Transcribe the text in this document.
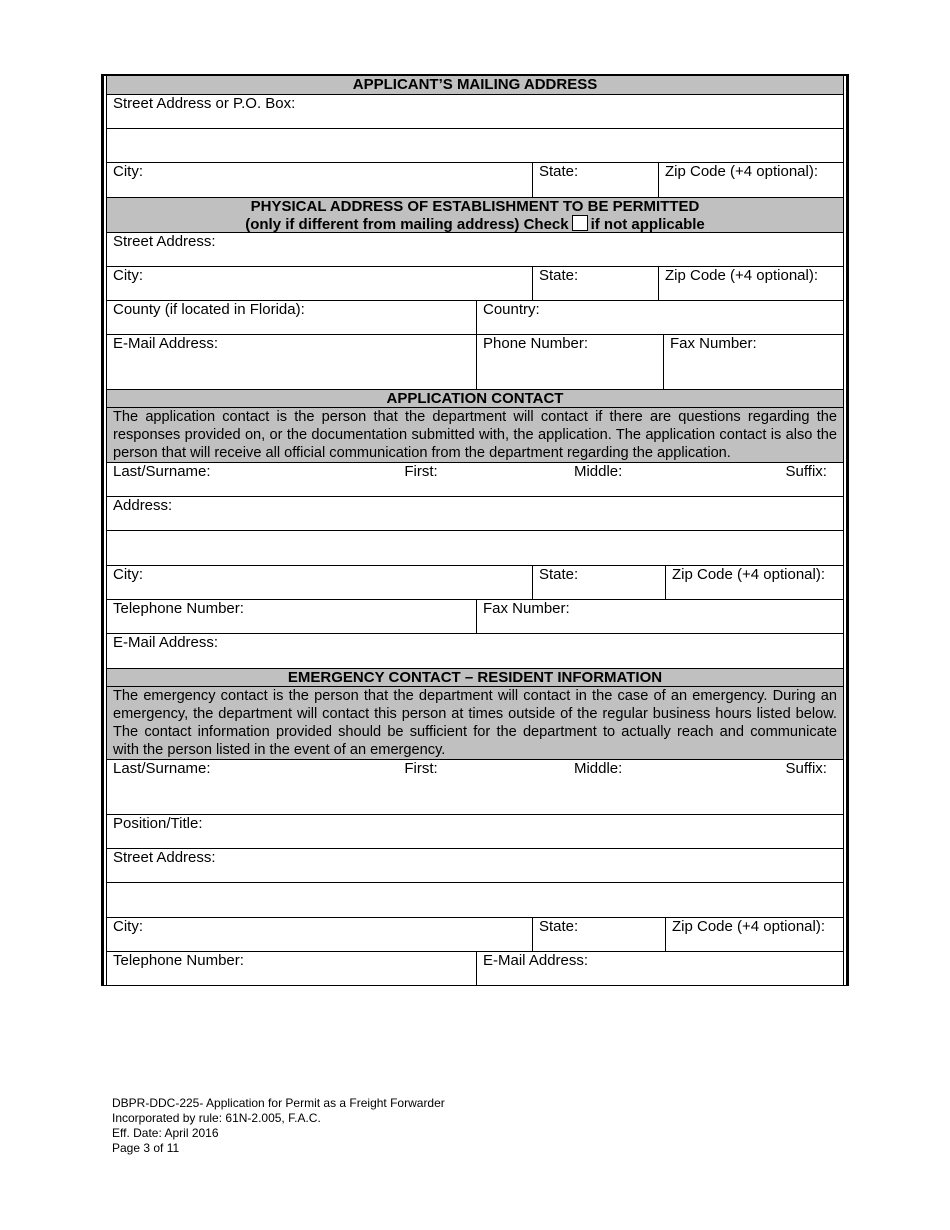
APPLICANT’S MAILING ADDRESS
Street Address or P.O. Box:
City:	State:	Zip Code (+4 optional):
PHYSICAL ADDRESS OF ESTABLISHMENT TO BE PERMITTED
(only if different from mailing address) Check if not applicable
Street Address:
City:	State:	Zip Code (+4 optional):
County (if located in Florida):	Country:
E-Mail Address:	Phone Number:	Fax Number:
APPLICATION CONTACT
The application contact is the person that the department will contact if there are questions regarding the responses provided on, or the documentation submitted with, the application. The application contact is also the person that will receive all official communication from the department regarding the application.
Last/Surname:	First:	Middle:	Suffix:
Address:
City:	State:	Zip Code (+4 optional):
Telephone Number:	Fax Number:
E-Mail Address:
EMERGENCY CONTACT – RESIDENT INFORMATION
The emergency contact is the person that the department will contact in the case of an emergency. During an emergency, the department will contact this person at times outside of the regular business hours listed below. The contact information provided should be sufficient for the department to actually reach and communicate with the person listed in the event of an emergency.
Last/Surname:	First:	Middle:	Suffix:
Position/Title:
Street Address:
City:	State:	Zip Code (+4 optional):
Telephone Number:	E-Mail Address:
DBPR-DDC-225- Application for Permit as a Freight Forwarder
Incorporated by rule: 61N-2.005, F.A.C.
Eff. Date: April 2016
Page 3 of 11
